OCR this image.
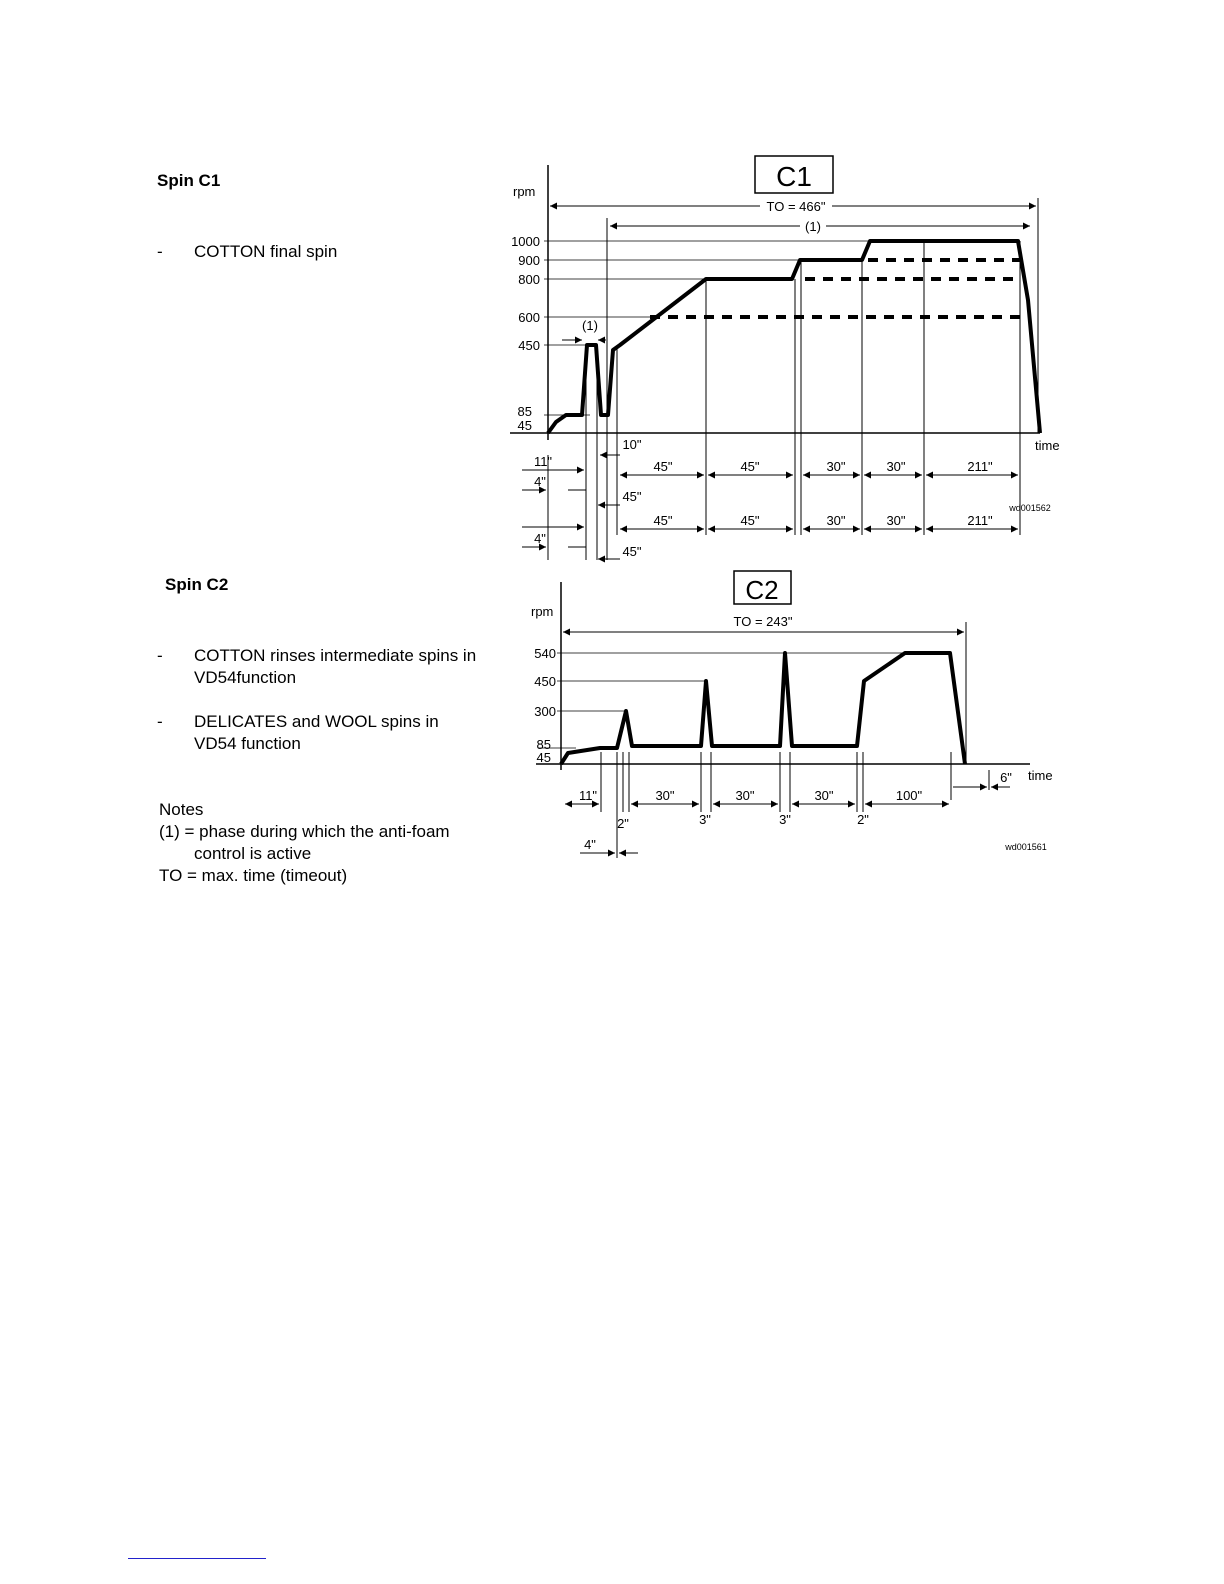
Spin C1
- COTTON final spin
Spin C2
- COTTON rinses intermediate spins in
VD54function
- DELICATES and WOOL spins in
VD54 function
Notes
(1) = phase during which the anti-foam
control is active
TO = max. time (timeout)
C1
rpm
time
TO = 466"
(1)
1000
900
800
600
450
85
45
(1)
11"
4"
10"
45"
45"	45"	30"	30"	211"
wd001562
4"
45"
45"	45"	30"	30"	211"
C2
rpm
time
TO = 243"
540
450
300
85
45
11"	30"	30"	30"	100"
2"	3"	3"	2"
4"
6"
wd001561
